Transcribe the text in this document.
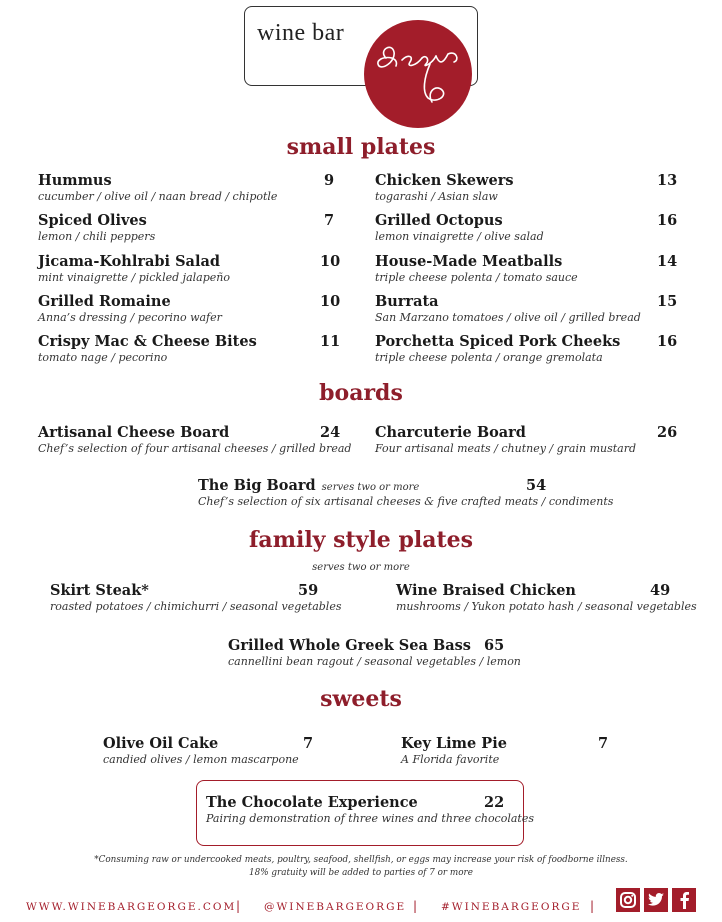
wine bar
small plates
Hummus	9
cucumber / olive oil / naan bread / chipotle
Spiced Olives	7
lemon / chili peppers
Jicama-Kohlrabi Salad	10
mint vinaigrette / pickled jalapeño
Grilled Romaine	10
Anna’s dressing / pecorino wafer
Crispy Mac & Cheese Bites	11
tomato nage / pecorino
Chicken Skewers	13
togarashi / Asian slaw
Grilled Octopus	16
lemon vinaigrette / olive salad
House-Made Meatballs	14
triple cheese polenta / tomato sauce
Burrata	15
San Marzano tomatoes / olive oil / grilled bread
Porchetta Spiced Pork Cheeks	16
triple cheese polenta / orange gremolata
boards
Artisanal Cheese Board	24
Chef’s selection of four artisanal cheeses / grilled bread
Charcuterie Board	26
Four artisanal meats / chutney / grain mustard
The Big Board serves two or more	54
Chef’s selection of six artisanal cheeses & five crafted meats / condiments
family style plates
serves two or more
Skirt Steak*	59
roasted potatoes / chimichurri / seasonal vegetables
Wine Braised Chicken	49
mushrooms / Yukon potato hash / seasonal vegetables
Grilled Whole Greek Sea Bass 65
cannellini bean ragout / seasonal vegetables / lemon
sweets
Olive Oil Cake	7
candied olives / lemon mascarpone
Key Lime Pie	7
A Florida favorite
The Chocolate Experience	22
Pairing demonstration of three wines and three chocolates
*Consuming raw or undercooked meats, poultry, seafood, shellfish, or eggs may increase your risk of foodborne illness.
18% gratuity will be added to parties of 7 or more
WWW.WINEBARGEORGE.COM | @WINEBARGEORGE | #WINEBARGEORGE |
